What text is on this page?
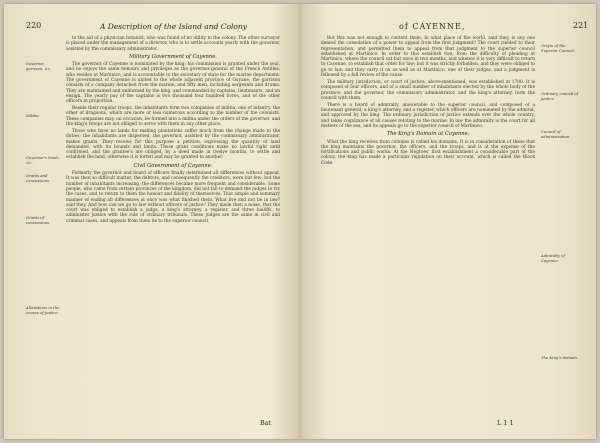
220	A Description of the Island and Colony

to the aid of a physician botanist, who was found of no utility to the colony. The other surveyor is placed under the management of a director, who is to settle accounts yearly with the governor, assisted by the commissary administrator.

Military Government of Cayenne.

The governor of Cayenne is nominated by the king; his commission is granted under the seal, and he enjoys the same honours and privileges as the governor-general of the French Antilles, who resides at Martinico, and is accountable to the secretary of state for the marine department. The government of Cayenne is united to the whole adjacent province of Guyane, the garrison consists of a company detached from the marine, and fifty men, including sergeants and drums. They are maintained and uniformed by the king, and commanded by captains, lieutenants, and an ensign. The yearly pay of the captains is two thousand four hundred livres, and of the other officers in proportion.

Beside their regular troops, the inhabitants form two companies of militia, one of infantry, the other of dragoons, which are more or less numerous according to the number of the colonists. These companies may, on occasion, be formed into a militia under the orders of the governor, and the king's troops are not obliged to serve with them in any other place.

Those who have no lands for making plantations suffer much from the change made in the duties; the inhabitants are dispersed, the governor, assisted by the commissary administrator, makes grants. They receive for this purpose a petition, expressing the quantity of land demanded, with its bounds and limits. These grant conditions make no lawful right until confirmed, and the grantee's are obliged, by a deed made in twelve months, to settle and establish the land, otherwise it is forfeit and may be granted to another.

Civil Government of Cayenne.

Formerly the governor and board of officers finally determined all differences without appeal. It was then so difficult matter, the debtors, and consequently the creditors, were but few; but the number of inhabitants increasing, the differences became more frequent and considerable. Some people, who came from certain provinces of the kingdom, did not fail to demand the judges to try the cases, and to return to them the honour and fidelity of themselves. That simple and summary manner of ending all differences at once was what finished them. What live and not be in law? said they, And how can we go to law without officers of justice? They made then a noise, that the court was obliged to establish a judge, a king's attorney, a register, and three bailiffs, to administer justice with the rule of ordinary tribunals. These judges are the same in civil and criminal cases, and appeals from them lie to the superior council.

Governor, garrison, &c.
Militia.
Governor's lands, &c.
Grants and concessions.
Grants of concessions.
Alterations in the course of justice.
Bat
of CAYENNE,	221

But this was not enough to content them; In what place of the world, said they, is any one denied the consolation of a power to appeal from the first judgment? The court yielded to their representation, and permitted them to appeal from that judgment to the superior council established at Martinico. In order to this establish two, from the difficulty of pleading at Martinico, where the council sat but once in two months, and whence it is very difficult to return to Cayenne, to establish that order for law; but it was strictly forbidden, and they were obliged to go to law, and they carry it on as well as at Martinico, one of their judges, and a judgment is followed by a full review of the cause.

The military jurisdiction, or court of justice, above-mentioned, was established in 1700. It is composed of four officers, and of a small number of inhabitants elected by the whole body of the province; and the governor, the commissary administrator, and the king's attorney, form the council with them.

There is a board of admiralty, answerable to the superior council, and composed of a lieutenant general, a king's attorney, and a register, which officers are nominated by the admiral, and approved by the king. The ordinary jurisdiction of justice extends over the whole country, and takes cognizance of all causes relating to the marine. In law the admiralty is the court for all matters of the sea, and its appeals go to the superior council of Martinico.

The King's Domain at Cayenne.

What the king receives from colonies is called his domains. It is in consideration of these that the king maintains the governor, the officers, and the troops, and is at the expense of the fortifications and public works. At the Negroes' first establishment a considerable part of the colony, the king has made a particular regulation on their account, which is called the Black Code.

Origin of the Superior Council.
Ordinary council of justice.
Council of administration.
Admiralty of Cayenne.
The King's domain.
L 1 1
